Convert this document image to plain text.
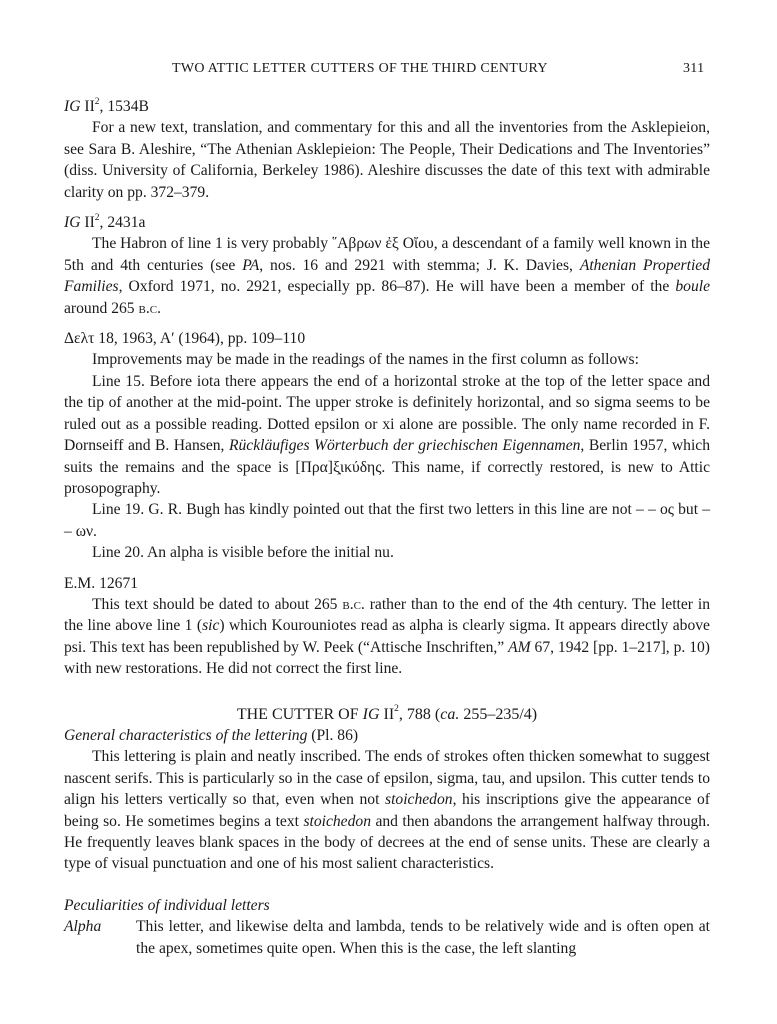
TWO ATTIC LETTER CUTTERS OF THE THIRD CENTURY	311
IG $II^2$, 1534B

For a new text, translation, and commentary for this and all the inventories from the Asklepieion, see Sara B. Aleshire, “The Athenian Asklepieion: The People, Their Dedications and The Inventories” (diss. University of California, Berkeley 1986). Aleshire discusses the date of this text with admirable clarity on pp. 372–379.

IG $II^2$, 2431a

The Habron of line 1 is very probably ῞Αβρων ἐξ Οἴου, a descendant of a family well known in the 5th and 4th centuries (see PA, nos. 16 and 2921 with stemma; J. K. Davies, Athenian Propertied Families, Oxford 1971, no. 2921, especially pp. 86–87). He will have been a member of the boule around 265 b.c.

Δελτ 18, 1963, Α′ (1964), pp. 109–110

Improvements may be made in the readings of the names in the first column as follows:

Line 15. Before iota there appears the end of a horizontal stroke at the top of the letter space and the tip of another at the mid-point. The upper stroke is definitely horizontal, and so sigma seems to be ruled out as a possible reading. Dotted epsilon or xi alone are possible. The only name recorded in F. Dornseiff and B. Hansen, Rückläufiges Wörterbuch der griechischen Eigennamen, Berlin 1957, which suits the remains and the space is [Πρα]ξ̣ικύδης. This name, if correctly restored, is new to Attic prosopography.

Line 19. G. R. Bugh has kindly pointed out that the first two letters in this line are not – – ος but – – ων.

Line 20. An alpha is visible before the initial nu.

E.M. 12671

This text should be dated to about 265 b.c. rather than to the end of the 4th century. The letter in the line above line 1 (sic) which Kourouniotes read as alpha is clearly sigma. It appears directly above psi. This text has been republished by W. Peek (“Attische Inschriften,” AM 67, 1942 [pp. 1–217], p. 10) with new restorations. He did not correct the first line.

THE CUTTER OF IG $II^2$, 788 (ca. 255–235/4)
General characteristics of the lettering (Pl. 86)

This lettering is plain and neatly inscribed. The ends of strokes often thicken somewhat to suggest nascent serifs. This is particularly so in the case of epsilon, sigma, tau, and upsilon. This cutter tends to align his letters vertically so that, even when not stoichedon, his inscriptions give the appearance of being so. He sometimes begins a text stoichedon and then abandons the arrangement halfway through. He frequently leaves blank spaces in the body of decrees at the end of sense units. These are clearly a type of visual punctuation and one of his most salient characteristics.

Peculiarities of individual letters
Alpha	This letter, and likewise delta and lambda, tends to be relatively wide and is often open at the apex, sometimes quite open. When this is the case, the left slanting
